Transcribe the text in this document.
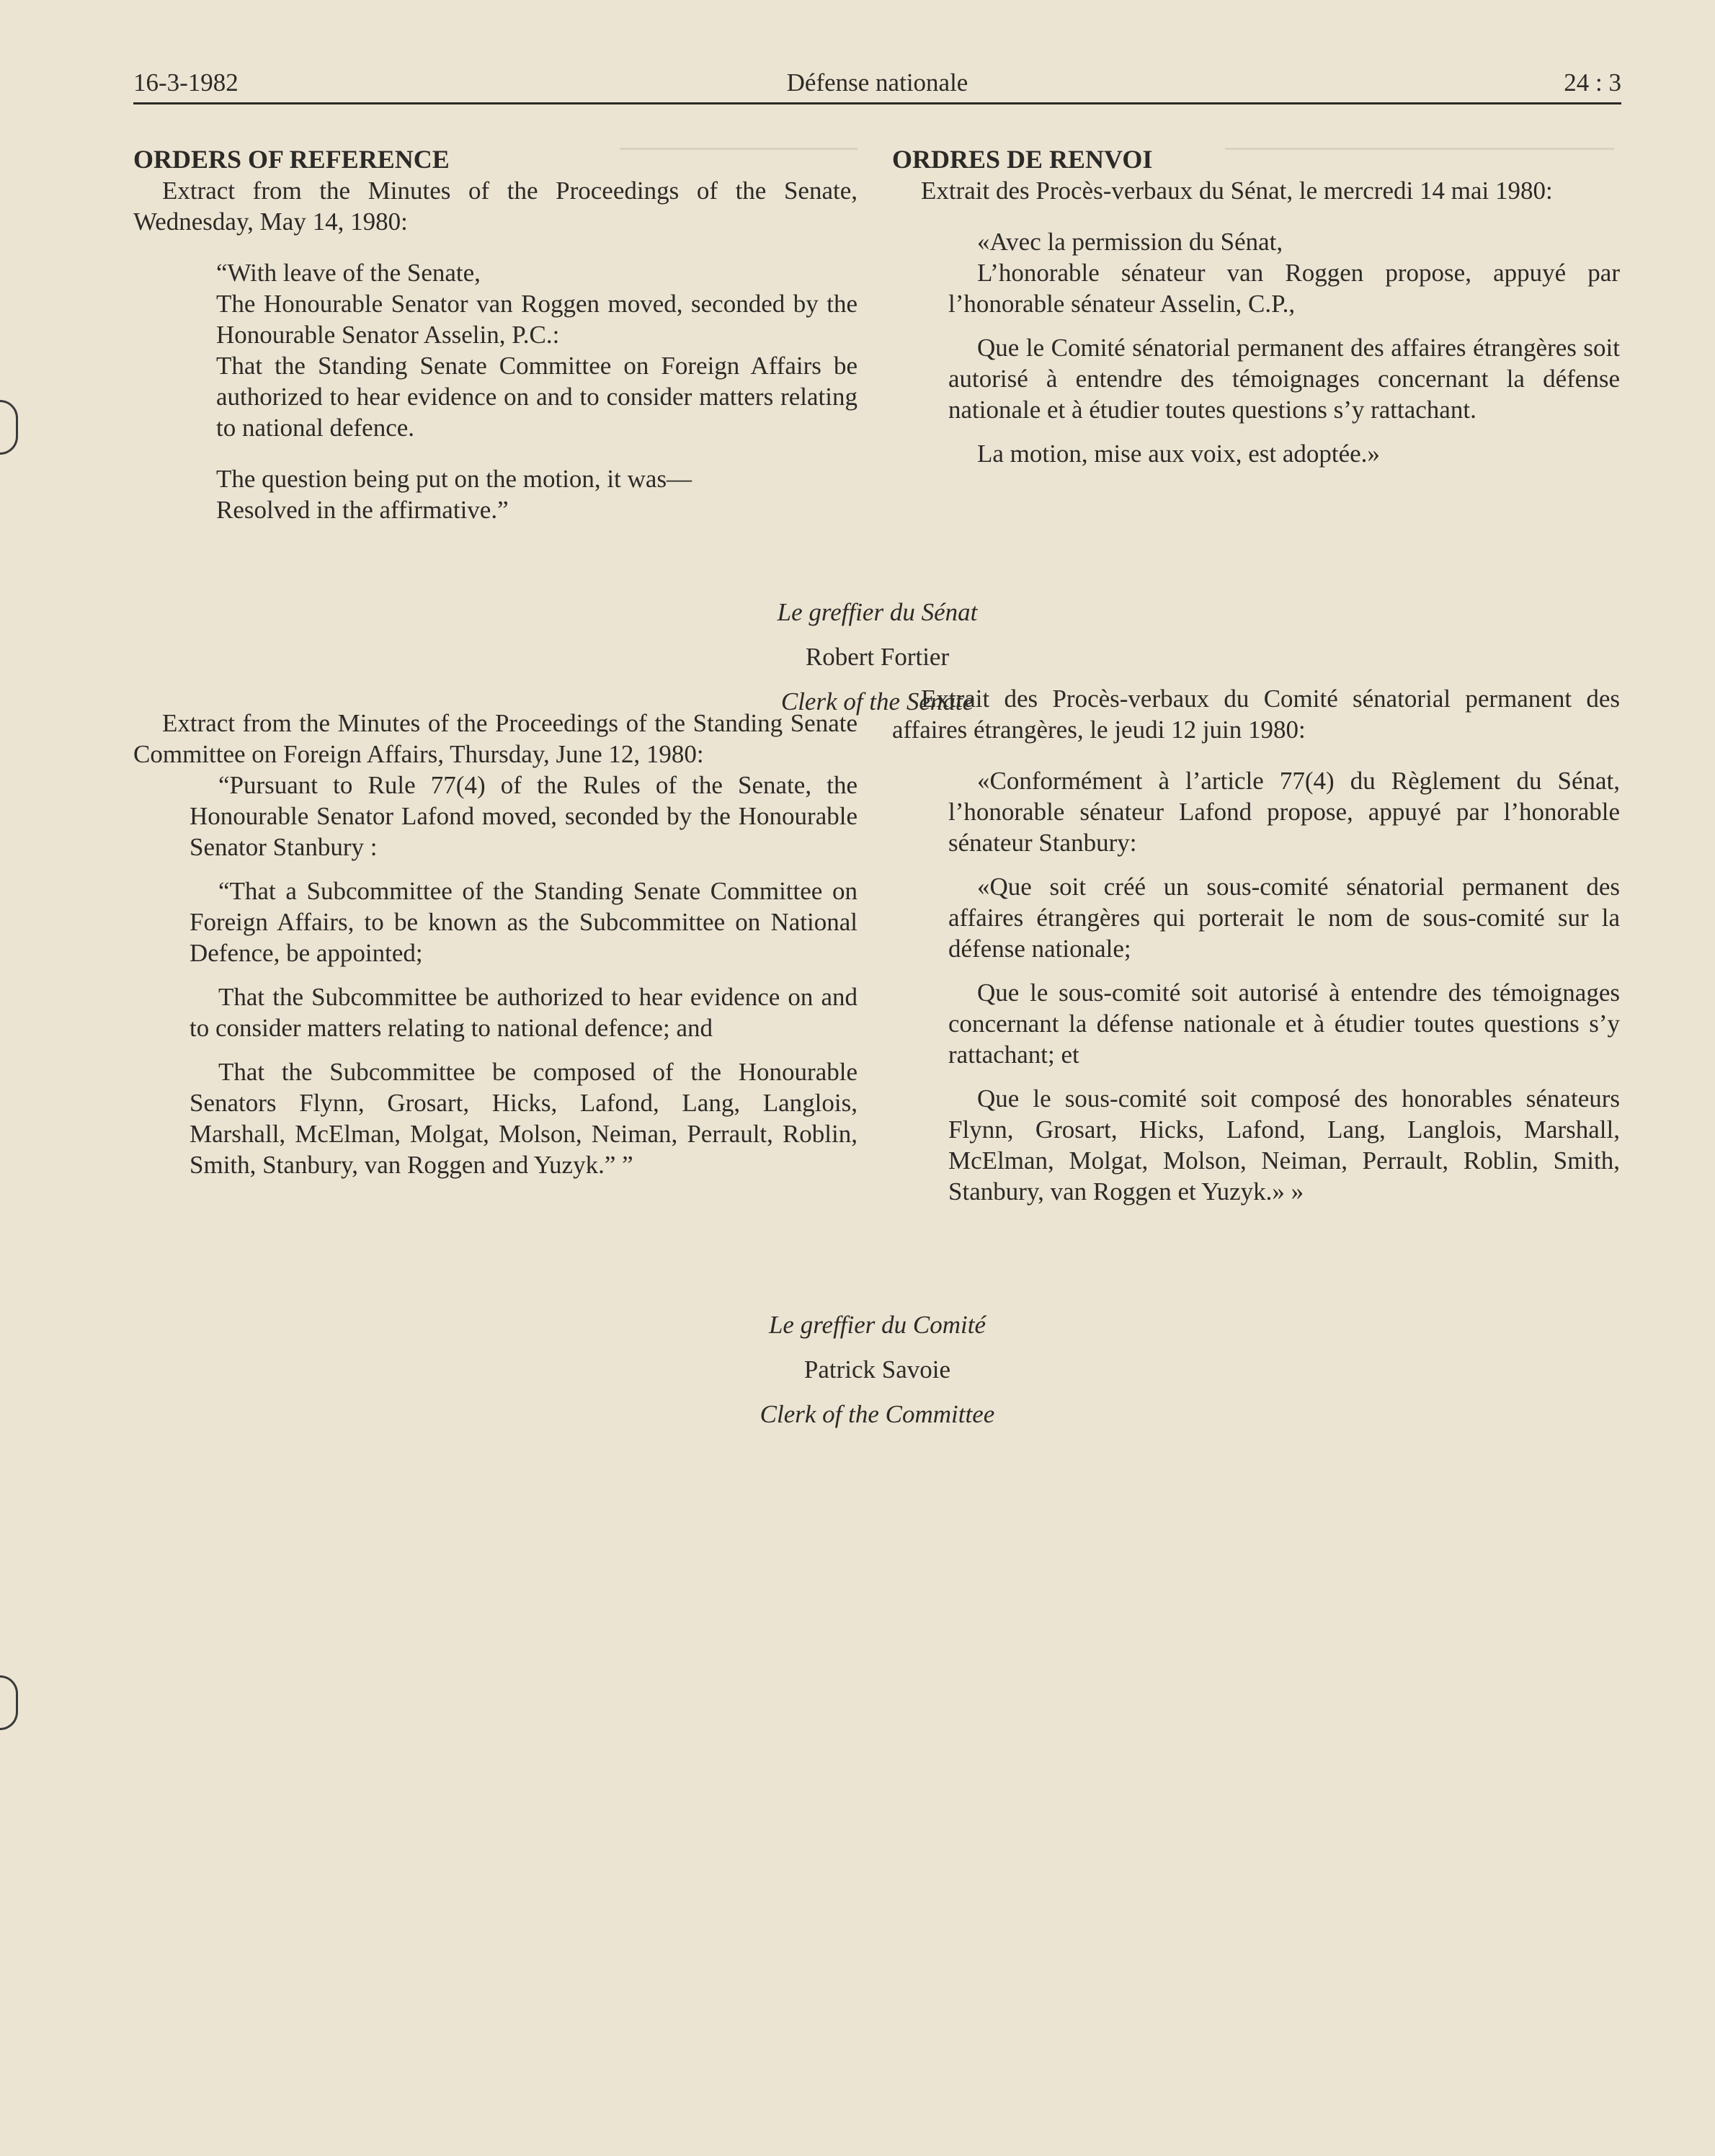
16-3-1982	Défense nationale	24 : 3

ORDERS OF REFERENCE

Extract from the Minutes of the Proceedings of the Senate, Wednesday, May 14, 1980:

“With leave of the Senate,

The Honourable Senator van Roggen moved, seconded by the Honourable Senator Asselin, P.C.:

That the Standing Senate Committee on Foreign Affairs be authorized to hear evidence on and to consider matters relating to national defence.

The question being put on the motion, it was—

Resolved in the affirmative.”

Extract from the Minutes of the Proceedings of the Standing Senate Committee on Foreign Affairs, Thursday, June 12, 1980:

“Pursuant to Rule 77(4) of the Rules of the Senate, the Honourable Senator Lafond moved, seconded by the Honourable Senator Stanbury :

“That a Subcommittee of the Standing Senate Committee on Foreign Affairs, to be known as the Subcommittee on National Defence, be appointed;

That the Subcommittee be authorized to hear evidence on and to consider matters relating to national defence; and

That the Subcommittee be composed of the Honourable Senators Flynn, Grosart, Hicks, Lafond, Lang, Langlois, Marshall, McElman, Molgat, Molson, Neiman, Perrault, Roblin, Smith, Stanbury, van Roggen and Yuzyk.” ”

ORDRES DE RENVOI

Extrait des Procès-verbaux du Sénat, le mercredi 14 mai 1980:

«Avec la permission du Sénat,

L’honorable sénateur van Roggen propose, appuyé par l’honorable sénateur Asselin, C.P.,

Que le Comité sénatorial permanent des affaires étrangères soit autorisé à entendre des témoignages concernant la défense nationale et à étudier toutes questions s’y rattachant.

La motion, mise aux voix, est adoptée.»

Extrait des Procès-verbaux du Comité sénatorial permanent des affaires étrangères, le jeudi 12 juin 1980:

«Conformément à l’article 77(4) du Règlement du Sénat, l’honorable sénateur Lafond propose, appuyé par l’honorable sénateur Stanbury:

«Que soit créé un sous-comité sénatorial permanent des affaires étrangères qui porterait le nom de sous-comité sur la défense nationale;

Que le sous-comité soit autorisé à entendre des témoignages concernant la défense nationale et à étudier toutes questions s’y rattachant; et

Que le sous-comité soit composé des honorables sénateurs Flynn, Grosart, Hicks, Lafond, Lang, Langlois, Marshall, McElman, Molgat, Molson, Neiman, Perrault, Roblin, Smith, Stanbury, van Roggen et Yuzyk.» »

Le greffier du Sénat
Robert Fortier
Clerk of the Senate
Le greffier du Comité
Patrick Savoie
Clerk of the Committee
